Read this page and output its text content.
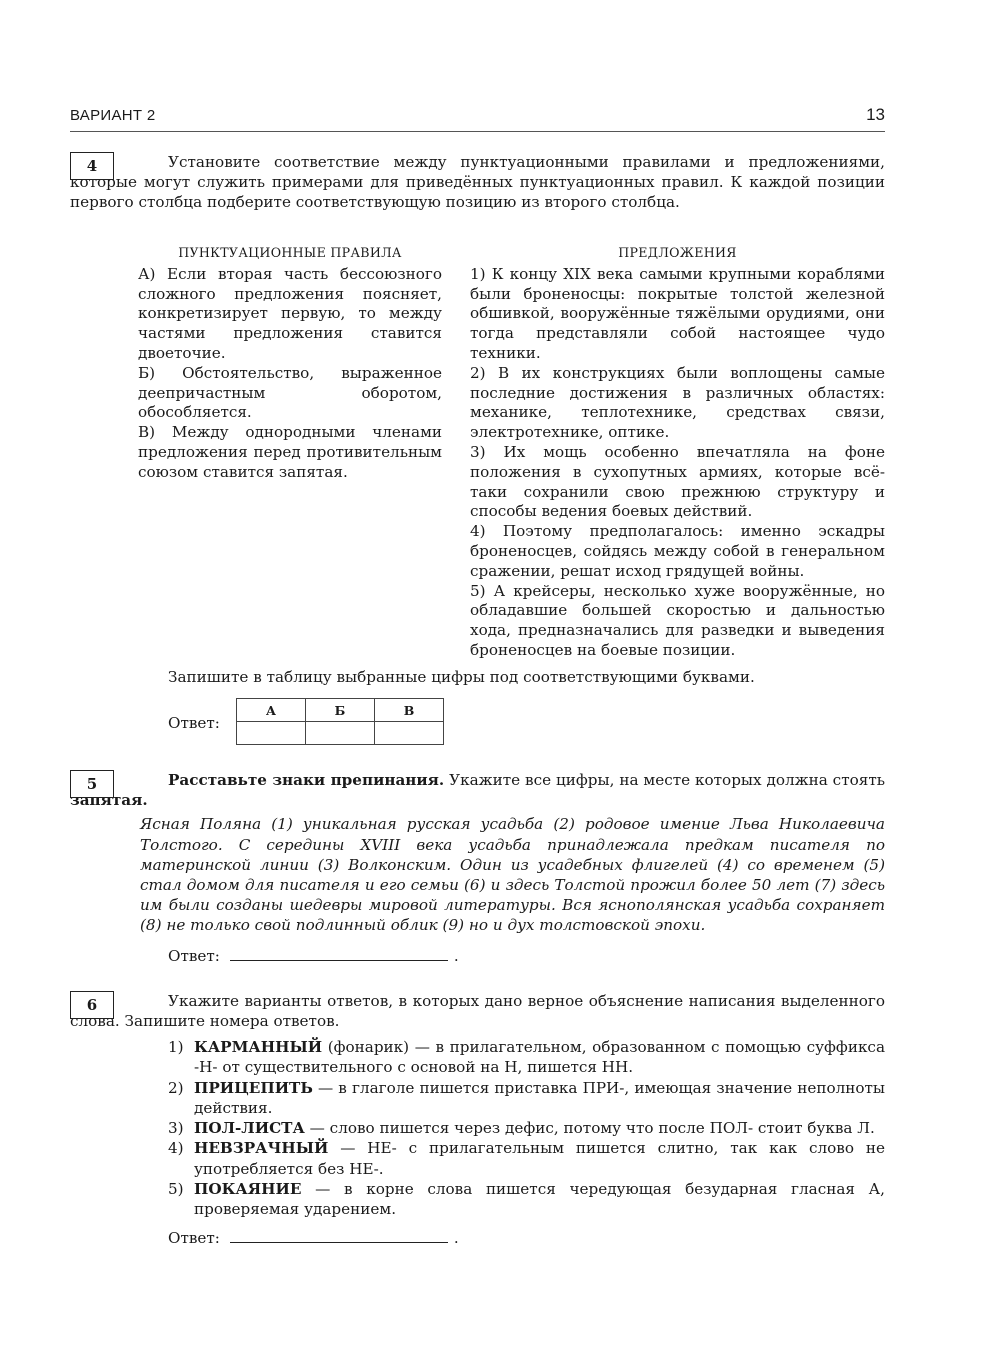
ВАРИАНТ 2	13
4	Установите соответствие между пунктуационными правилами и предложениями, которые могут служить примерами для приведённых пунктуационных правил. К каждой позиции первого столбца подберите соответствующую позицию из второго столбца.

ПУНКТУАЦИОННЫЕ ПРАВИЛА

А) Если вторая часть бессоюзного сложного предложения поясняет, конкретизирует первую, то между частями предложения ставится двоеточие.

Б) Обстоятельство, выраженное деепричастным оборотом, обособляется.

В) Между однородными членами предложения перед противительным союзом ставится запятая.

ПРЕДЛОЖЕНИЯ

1) К концу XIX века самыми крупными кораблями были броненосцы: покрытые толстой железной обшивкой, вооружённые тяжёлыми орудиями, они тогда представляли собой настоящее чудо техники.

2) В их конструкциях были воплощены самые последние достижения в различных областях: механике, теплотехнике, средствах связи, электротехнике, оптике.

3) Их мощь особенно впечатляла на фоне положения в сухопутных армиях, которые всё-таки сохранили свою прежнюю структуру и способы ведения боевых действий.

4) Поэтому предполагалось: именно эскадры броненосцев, сойдясь между собой в генеральном сражении, решат исход грядущей войны.

5) А крейсеры, несколько хуже вооружённые, но обладавшие большей скоростью и дальностью хода, предназначались для разведки и выведения броненосцев на боевые позиции.

Запишите в таблицу выбранные цифры под соответствующими буквами.
Ответ:
А	Б	В

5	Расставьте знаки препинания. Укажите все цифры, на месте которых должна стоять запятая.

Ясная Поляна (1) уникальная русская усадьба (2) родовое имение Льва Николаевича Толстого. С середины XVIII века усадьба принадлежала предкам писателя по материнской линии (3) Волконским. Один из усадебных флигелей (4) со временем (5) стал домом для писателя и его семьи (6) и здесь Толстой прожил более 50 лет (7) здесь им были созданы шедевры мировой литературы. Вся яснополянская усадьба сохраняет (8) не только свой подлинный облик (9) но и дух толстовской эпохи.

Ответ:	.
6	Укажите варианты ответов, в которых дано верное объяснение написания выделенного слова. Запишите номера ответов.

1) КАРМАННЫЙ (фонарик) — в прилагательном, образованном с помощью суффикса -Н- от существительного с основой на Н, пишется НН.
2) ПРИЦЕПИТЬ — в глаголе пишется приставка ПРИ-, имеющая значение неполноты действия.
3) ПОЛ-ЛИСТА — слово пишется через дефис, потому что после ПОЛ- стоит буква Л.
4) НЕВЗРАЧНЫЙ — НЕ- с прилагательным пишется слитно, так как слово не употребляется без НЕ-.
5) ПОКАЯНИЕ — в корне слова пишется чередующая безударная гласная А, проверяемая ударением.
Ответ:	.
